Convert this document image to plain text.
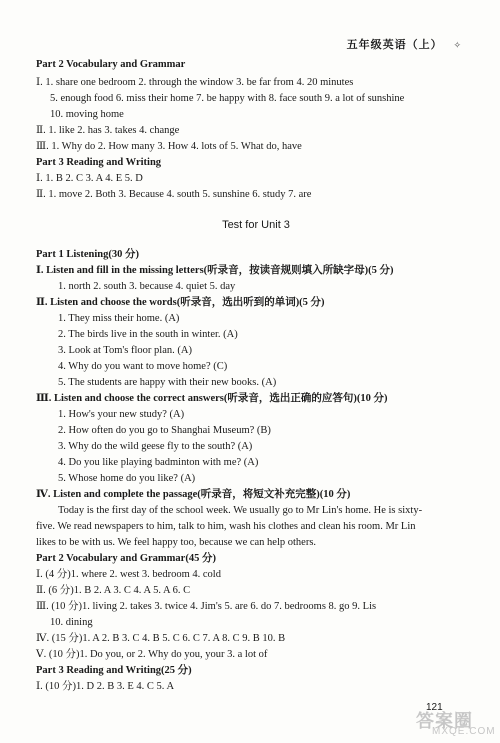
五年级英语（上） ✧
Part 2 Vocabulary and Grammar
Ⅰ. 1. share one bedroom 2. through the window 3. be far from 4. 20 minutes
5. enough food 6. miss their home 7. be happy with 8. face south 9. a lot of sunshine
10. moving home
Ⅱ. 1. like 2. has 3. takes 4. change
Ⅲ. 1. Why do 2. How many 3. How 4. lots of 5. What do, have
Part 3 Reading and Writing
Ⅰ. 1. B 2. C 3. A 4. E 5. D
Ⅱ. 1. move 2. Both 3. Because 4. south 5. sunshine 6. study 7. are
Test for Unit 3
Part 1 Listening(30 分)
Ⅰ. Listen and fill in the missing letters(听录音，按读音规则填入所缺字母)(5 分)
1. north 2. south 3. because 4. quiet 5. day
Ⅱ. Listen and choose the words(听录音，选出听到的单词)(5 分)
1. They miss their home. (A)
2. The birds live in the south in winter. (A)
3. Look at Tom's floor plan. (A)
4. Why do you want to move home? (C)
5. The students are happy with their new books. (A)
Ⅲ. Listen and choose the correct answers(听录音，选出正确的应答句)(10 分)
1. How's your new study? (A)
2. How often do you go to Shanghai Museum? (B)
3. Why do the wild geese fly to the south? (A)
4. Do you like playing badminton with me? (A)
5. Whose home do you like? (A)
Ⅳ. Listen and complete the passage(听录音，将短文补充完整)(10 分)
Today is the first day of the school week. We usually go to Mr Lin's home. He is sixty-
five. We read newspapers to him, talk to him, wash his clothes and clean his room. Mr Lin
likes to be with us. We feel happy too, because we can help others.
Part 2 Vocabulary and Grammar(45 分)
Ⅰ. (4 分)1. where 2. west 3. bedroom 4. cold
Ⅱ. (6 分)1. B 2. A 3. C 4. A 5. A 6. C
Ⅲ. (10 分)1. living 2. takes 3. twice 4. Jim's 5. are 6. do 7. bedrooms 8. go 9. Lis
10. dining
Ⅳ. (15 分)1. A 2. B 3. C 4. B 5. C 6. C 7. A 8. C 9. B 10. B
Ⅴ. (10 分)1. Do you, or 2. Why do you, your 3. a lot of
Part 3 Reading and Writing(25 分)
Ⅰ. (10 分)1. D 2. B 3. E 4. C 5. A
121
答案圈
MXQE.COM
